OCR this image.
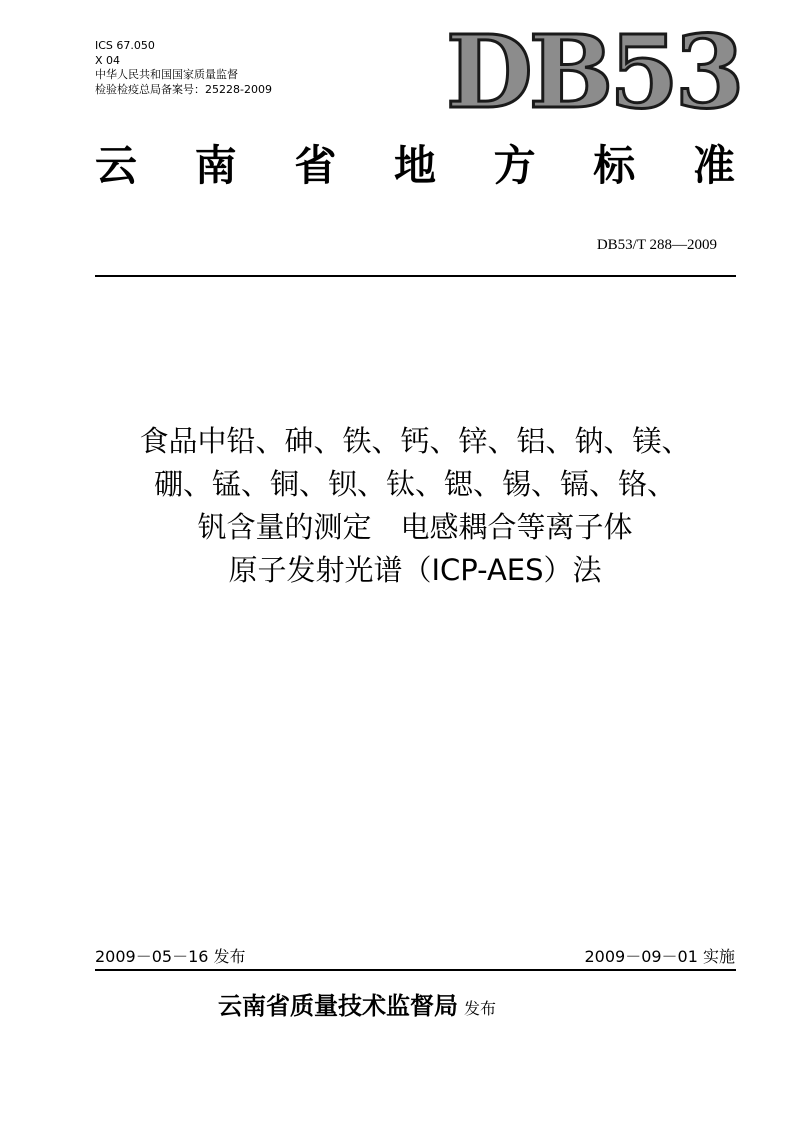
ICS 67.050
X 04
中华人民共和国国家质量监督
检验检疫总局备案号：25228-2009 DB53
云 南 省 地 方 标 准
DB53/T 288—2009
食品中铅、砷、铁、钙、锌、铝、钠、镁、
硼、锰、铜、钡、钛、锶、锡、镉、铬、
钒含量的测定　电感耦合等离子体
原子发射光谱（ICP-AES）法
2009－05－16 发布	2009－09－01 实施
云南省质量技术监督局 发布
